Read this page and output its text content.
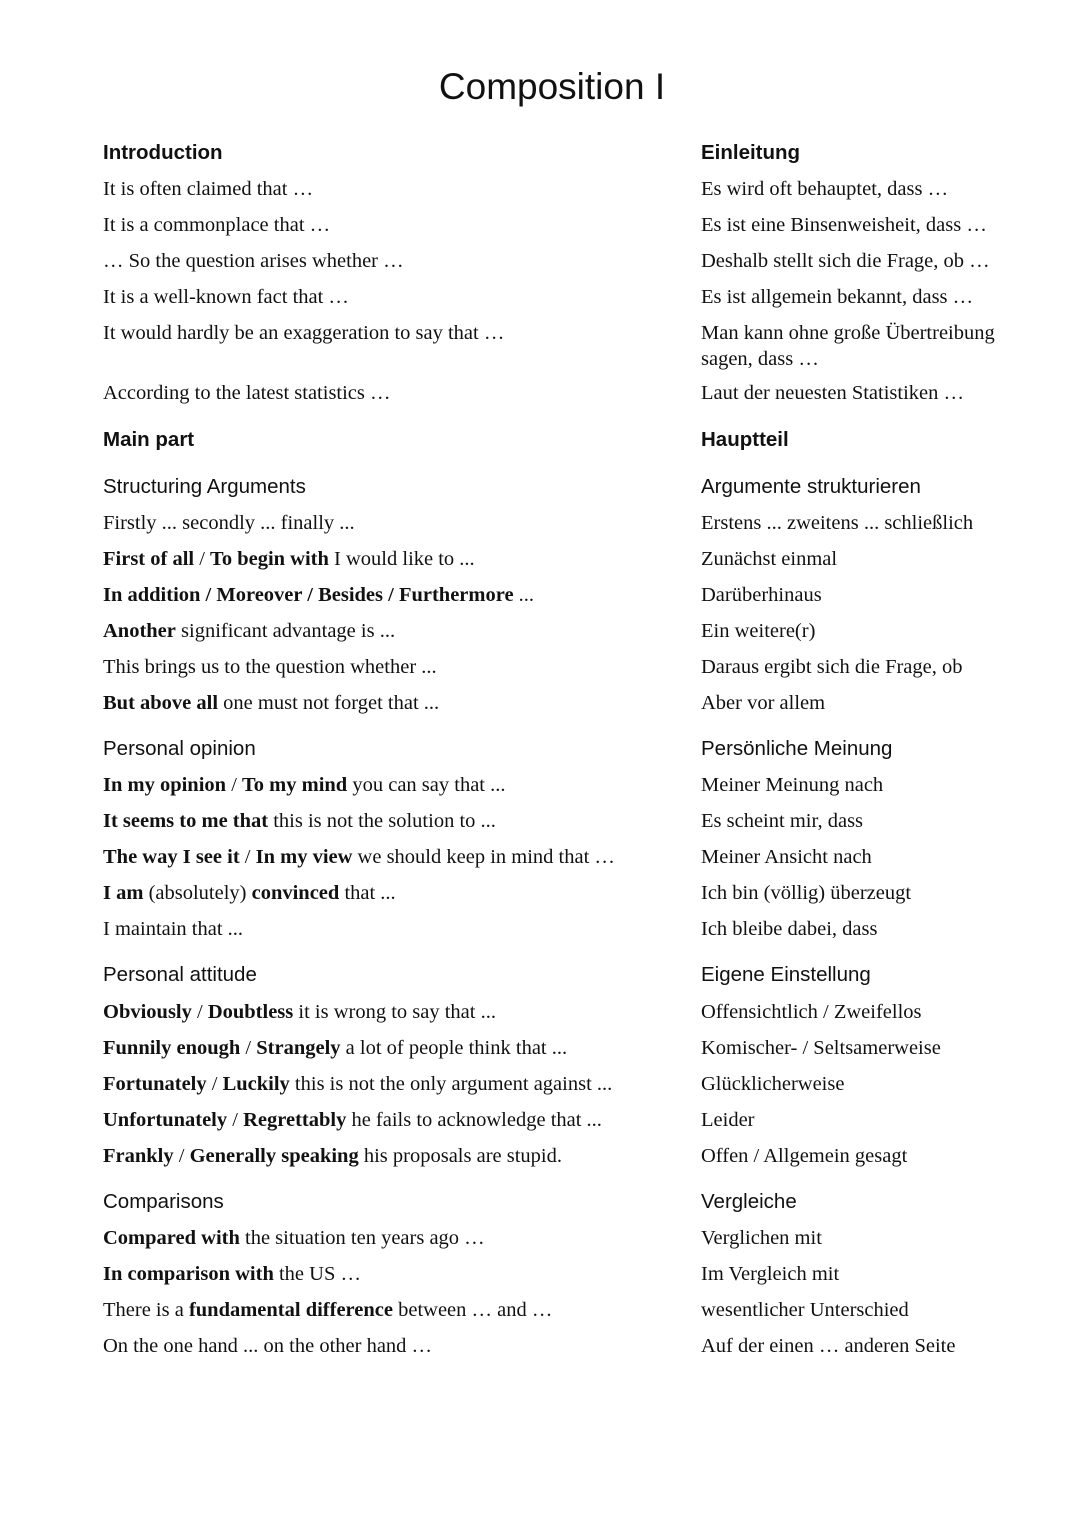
Composition I
Introduction
It is often claimed that …
It is a commonplace that …
… So the question arises whether …
It is a well-known fact that …
It would hardly be an exaggeration to say that …
According to the latest statistics …
Main part
Structuring Arguments
Firstly ... secondly ... finally ...
First of all / To begin with I would like to ...
In addition / Moreover / Besides / Furthermore ...
Another significant advantage is ...
This brings us to the question whether ...
But above all one must not forget that ...
Personal opinion
In my opinion / To my mind you can say that ...
It seems to me that this is not the solution to ...
The way I see it / In my view we should keep in mind that …
I am (absolutely) convinced that ...
I maintain that ...
Personal attitude
Obviously / Doubtless it is wrong to say that ...
Funnily enough / Strangely a lot of people think that ...
Fortunately / Luckily this is not the only argument against ...
Unfortunately / Regrettably he fails to acknowledge that ...
Frankly / Generally speaking his proposals are stupid.
Comparisons
Compared with the situation ten years ago …
In comparison with the US …
There is a fundamental difference between … and …
On the one hand ... on the other hand …
Einleitung
Es wird oft behauptet, dass …
Es ist eine Binsenweisheit, dass …
Deshalb stellt sich die Frage, ob …
Es ist allgemein bekannt, dass …
Man kann ohne große Übertreibung sagen, dass …
Laut der neuesten Statistiken …
Hauptteil
Argumente strukturieren
Erstens ... zweitens ... schließlich
Zunächst einmal
Darüberhinaus
Ein weitere(r)
Daraus ergibt sich die Frage, ob
Aber vor allem
Persönliche Meinung
Meiner Meinung nach
Es scheint mir, dass
Meiner Ansicht nach
Ich bin (völlig) überzeugt
Ich bleibe dabei, dass
Eigene Einstellung
Offensichtlich / Zweifellos
Komischer- / Seltsamerweise
Glücklicherweise
Leider
Offen / Allgemein gesagt
Vergleiche
Verglichen mit
Im Vergleich mit
wesentlicher Unterschied
Auf der einen … anderen Seite
